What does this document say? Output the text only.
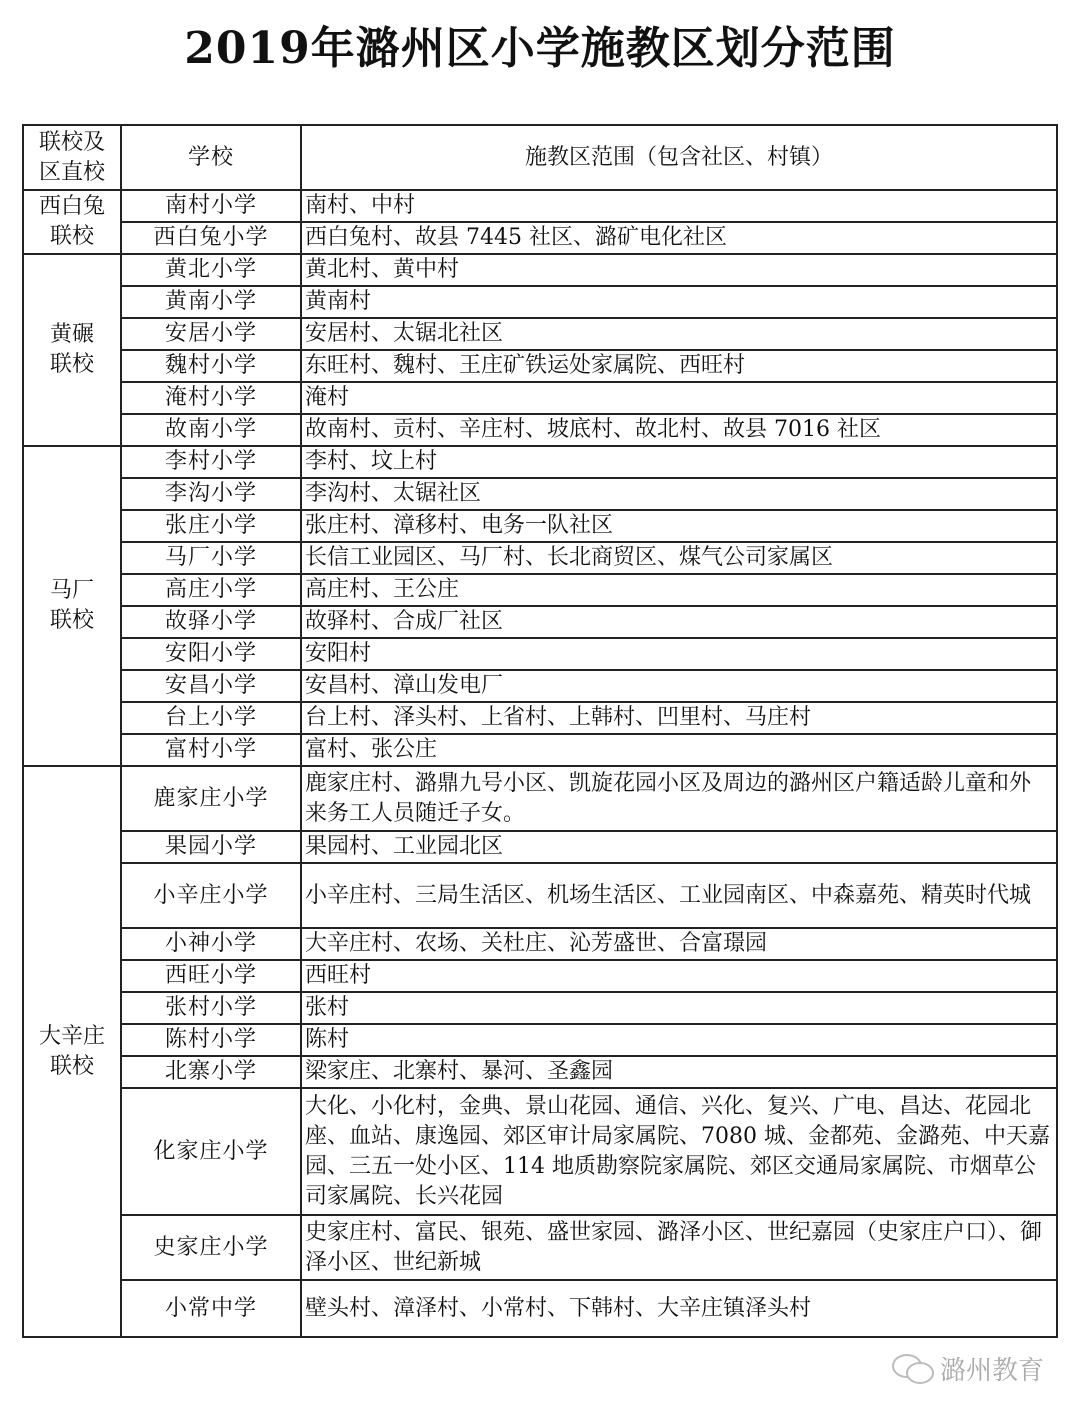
2019年潞州区小学施教区划分范围
联校及
区直校	学校	施教区范围（包含社区、村镇）

西白兔
联校	南村小学	南村、中村
	西白兔小学	西白兔村、故县 7445 社区、潞矿电化社区

黄碾
联校	黄北小学	黄北村、黄中村
	黄南小学	黄南村
	安居小学	安居村、太锯北社区
	魏村小学	东旺村、魏村、王庄矿铁运处家属院、西旺村
	淹村小学	淹村
	故南小学	故南村、贡村、辛庄村、坡底村、故北村、故县 7016 社区

马厂
联校	李村小学	李村、坟上村
	李沟小学	李沟村、太锯社区
	张庄小学	张庄村、漳移村、电务一队社区
	马厂小学	长信工业园区、马厂村、长北商贸区、煤气公司家属区
	高庄小学	高庄村、王公庄
	故驿小学	故驿村、合成厂社区
	安阳小学	安阳村
	安昌小学	安昌村、漳山发电厂
	台上小学	台上村、泽头村、上省村、上韩村、凹里村、马庄村
	富村小学	富村、张公庄

大辛庄
联校	鹿家庄小学	鹿家庄村、潞鼎九号小区、凯旋花园小区及周边的潞州区户籍适龄儿童和外来务工人员随迁子女。
	果园小学	果园村、工业园北区
	小辛庄小学	小辛庄村、三局生活区、机场生活区、工业园南区、中森嘉苑、精英时代城
	小神小学	大辛庄村、农场、关杜庄、沁芳盛世、合富璟园
	西旺小学	西旺村
	张村小学	张村
	陈村小学	陈村
	北寨小学	梁家庄、北寨村、暴河、圣鑫园
	化家庄小学	大化、小化村，金典、景山花园、通信、兴化、复兴、广电、昌达、花园北座、血站、康逸园、郊区审计局家属院、7080 城、金都苑、金潞苑、中天嘉园、三五一处小区、114 地质勘察院家属院、郊区交通局家属院、市烟草公司家属院、长兴花园
	史家庄小学	史家庄村、富民、银苑、盛世家园、潞泽小区、世纪嘉园（史家庄户口）、御泽小区、世纪新城
	小常中学	壁头村、漳泽村、小常村、下韩村、大辛庄镇泽头村
潞州教育
